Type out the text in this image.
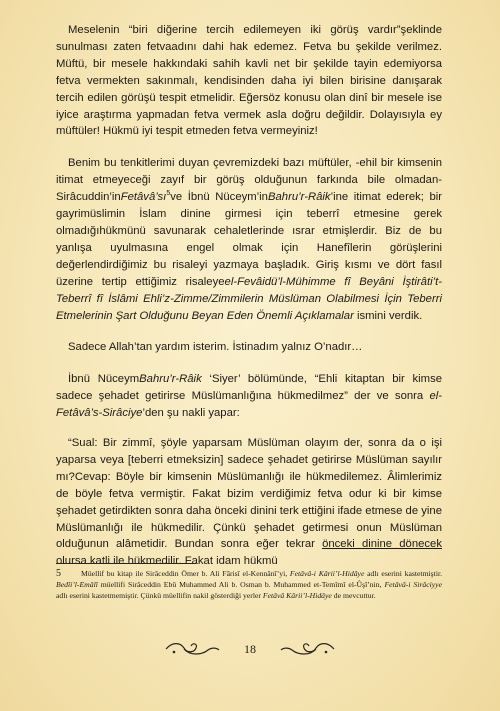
Meselenin “biri diğerine tercih edilemeyen iki görüş vardır”şeklinde sunulması zaten fetvaadını dahi hak edemez. Fetva bu şekilde verilmez. Müftü, bir mesele hakkındaki sahih kavli net bir şekilde tayin edemiyorsa fetva vermekten sakınmalı, kendisinden daha iyi bilen birisine danışarak tercih edilen görüşü tespit etmelidir. Eğersöz konusu olan dinî bir mesele ise iyice araştırma yapmadan fetva vermek asla doğru değildir. Dolayısıyla ey müftüler! Hükmü iyi tespit etmeden fetva vermeyiniz!

Benim bu tenkitlerimi duyan çevremizdeki bazı müftüler, -ehil bir kimsenin itimat etmeyeceği zayıf bir görüş olduğunun farkında bile olmadan-$Sirâcuddin’inFetâvâ’sı^5ve$ İbnü Nüceym’inBahru’r-Râik’ine itimat ederek; bir gayrimüslimin İslam dinine girmesi için teberrî etmesine gerek olmadığıhükmünü savunarak cehaletlerinde ısrar etmişlerdir. Biz de bu yanlışa uyulmasına engel olmak için Hanefîlerin görüşlerini değerlendirdiğimiz bu risaleyi yazmaya başladık. Giriş kısmı ve dört fasıl üzerine tertip ettiğimiz risaleyeel-Fevâidü’l-Mühimme fî Beyâni İştirâti’t-Teberrî fî İslâmi Ehli’z-Zimme/Zimmilerin Müslüman Olabilmesi İçin Teberri Etmelerinin Şart Olduğunu Beyan Eden Önemli Açıklamalar ismini verdik.

Sadece Allah’tan yardım isterim. İstinadım yalnız O’nadır…

İbnü NüceymBahru’r-Râik ‘Siyer’ bölümünde, “Ehli kitaptan bir kimse sadece şehadet getirirse Müslümanlığına hükmedilmez” der ve sonra el-Fetâvâ’s-Sirâciye’den şu nakli yapar:

“Sual: Bir zimmî, şöyle yaparsam Müslüman olayım der, sonra da o işi yaparsa veya [teberri etmeksizin] sadece şehadet getirirse Müslüman sayılır mı?Cevap: Böyle bir kimsenin Müslümanlığı ile hükmedilemez. Âlimlerimiz de böyle fetva vermiştir. Fakat bizim verdiğimiz fetva odur ki bir kimse şehadet getirdikten sonra daha önceki dinini terk ettiğini ifade etmese de yine Müslümanlığı ile hükmedilir. Çünkü şehadet getirmesi onun Müslüman olduğunun alâmetidir. Bundan sonra eğer tekrar önceki dinine dönecek olursa katli ile hükmedilir. Fakat idam hükmü

5	Müellif bu kitap ile Sirâceddin Ömer b. Ali Fârisî el-Kennânî’yi, Fetâvâ-i Kârii’l-Hidâye adlı eserini kastetmiştir. Bedîi’l-Emâlî müellifi Sirâceddin Ebû Muhammed Ali b. Osman b. Muhammed et-Temîmî el-Ûşî’nin, Fetâvâ-i Sirâciyye adlı eserini kastetmemiştir. Çünkü müellifin nakil gösterdiği yerler Fetâvâ Kârii’l-Hidâye de mevcuttur.

18
